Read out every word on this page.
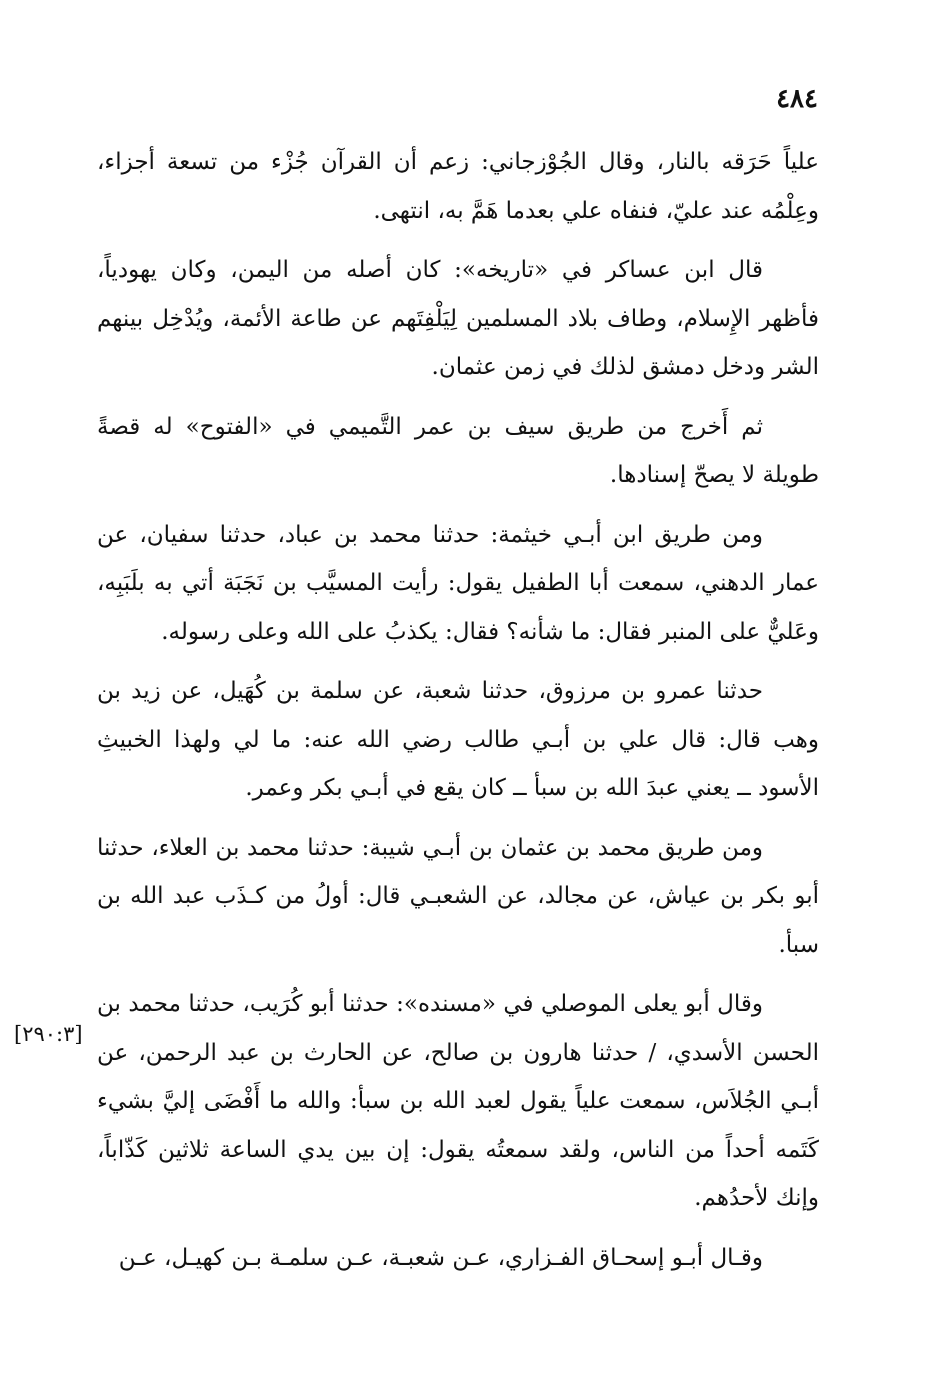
٤٨٤
[٢٩٠:٣]

علياً حَرَقه بالنار، وقال الجُوْزجاني: زعم أن القرآن جُزْء من تسعة أجزاء، وعِلْمُه عند عليّ، فنفاه علي بعدما هَمَّ به، انتهى.

قال ابن عساكر في «تاريخه»: كان أصله من اليمن، وكان يهودياً، فأظهر الإِسلام، وطاف بلاد المسلمين لِيَلْفِتَهم عن طاعة الأئمة، ويُدْخِل بينهم الشر ودخل دمشق لذلك في زمن عثمان.

ثم أَخرج من طريق سيف بن عمر التَّميمي في «الفتوح» له قصةً طويلة لا يصحّ إسنادها.

ومن طريق ابن أبـي خيثمة: حدثنا محمد بن عباد، حدثنا سفيان، عن عمار الدهني، سمعت أبا الطفيل يقول: رأيت المسيَّب بن نَجَبَة أتي به بلَبَبِه، وعَليٌّ على المنبر فقال: ما شأنه؟ فقال: يكذبُ على الله وعلى رسوله.

حدثنا عمرو بن مرزوق، حدثنا شعبة، عن سلمة بن كُهَيل، عن زيد بن وهب قال: قال علي بن أبـي طالب رضي الله عنه: ما لي ولهذا الخبيثِ الأسود ــ يعني عبدَ الله بن سبأ ــ كان يقع في أبـي بكر وعمر.

ومن طريق محمد بن عثمان بن أبـي شيبة: حدثنا محمد بن العلاء، حدثنا أبو بكر بن عياش، عن مجالد، عن الشعبـي قال: أولُ من كـذَب عبد الله بن سبأ.

وقال أبو يعلى الموصلي في «مسنده»: حدثنا أبو كُرَيب، حدثنا محمد بن الحسن الأسدي، / حدثنا هارون بن صالح، عن الحارث بن عبد الرحمن، عن أبـي الجُلاَس، سمعت علياً يقول لعبد الله بن سبأ: والله ما أَفْضَى إليَّ بشيء كَتَمه أحداً من الناس، ولقد سمعتُه يقول: إن بين يدي الساعة ثلاثين كَذّاباً، وإنك لأحدُهم.

وقـال أبـو إسحـاق الفـزاري، عـن شعبـة، عـن سلمـة بـن كهيـل، عـن
